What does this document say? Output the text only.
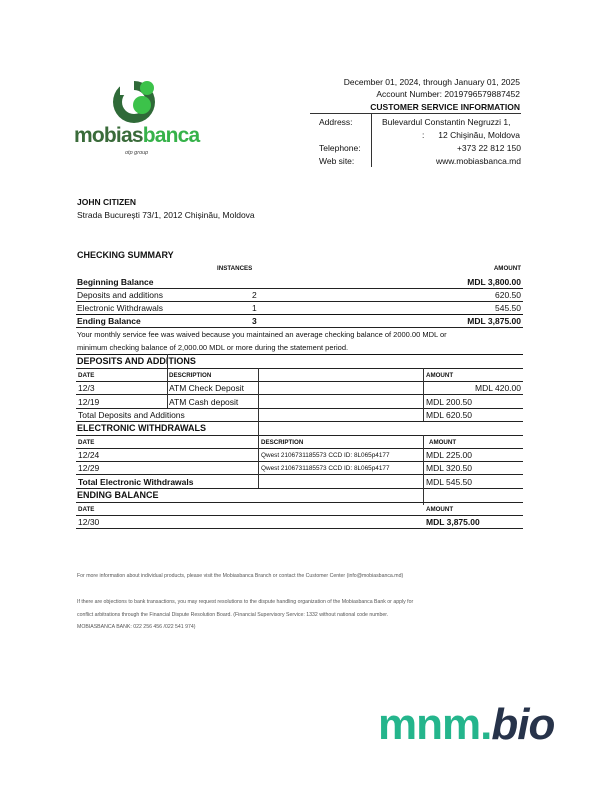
mobiasbanca
otp group
December 01, 2024, through January 01, 2025
Account Number: 2019796579887452
CUSTOMER SERVICE INFORMATION
Address:	Bulevardul Constantin Negruzzi 1,
12 Chişinău, Moldova
:
Telephone:	+373 22 812 150
Web site:	www.mobiasbanca.md
JOHN CITIZEN
Strada București 73/1, 2012 Chișinău, Moldova
CHECKING SUMMARY
INSTANCES	AMOUNT
Beginning Balance	MDL 3,800.00
Deposits and additions	2	620.50
Electronic Withdrawals	1	545.50
Ending Balance	3	MDL 3,875.00
Your monthly service fee was waived because you maintained an average checking balance of 2000.00 MDL or
minimum checking balance of 2,000.00 MDL or more during the statement period.
DEPOSITS AND ADDITIONS
DATE	DESCRIPTION	AMOUNT
12/3	ATM Check Deposit	MDL 420.00
12/19	ATM Cash deposit	MDL 200.50
Total Deposits and Additions	MDL 620.50
ELECTRONIC WITHDRAWALS
DATE	DESCRIPTION	AMOUNT
12/24	Qwest 2106731185573 CCD ID: 8L065p4177	MDL 225.00
12/29	Qwest 2106731185573 CCD ID: 8L065p4177	MDL 320.50
Total Electronic Withdrawals	MDL 545.50
ENDING BALANCE
DATE	AMOUNT
12/30	MDL 3,875.00
For more information about individual products, please visit the Mobiasbanca Branch or contact the Customer Center (info@mobiasbanca.md)
If there are objections to bank transactions, you may request resolutions to the dispute handling organization of the Mobiasbanca Bank or apply for
conflict arbitrations through the Financial Dispute Resolution Board. (Financial Supervisory Service: 1332 without national code number.
MOBIASBANCA BANK: 022 256 456 /022 541 974)
mnm.bio
